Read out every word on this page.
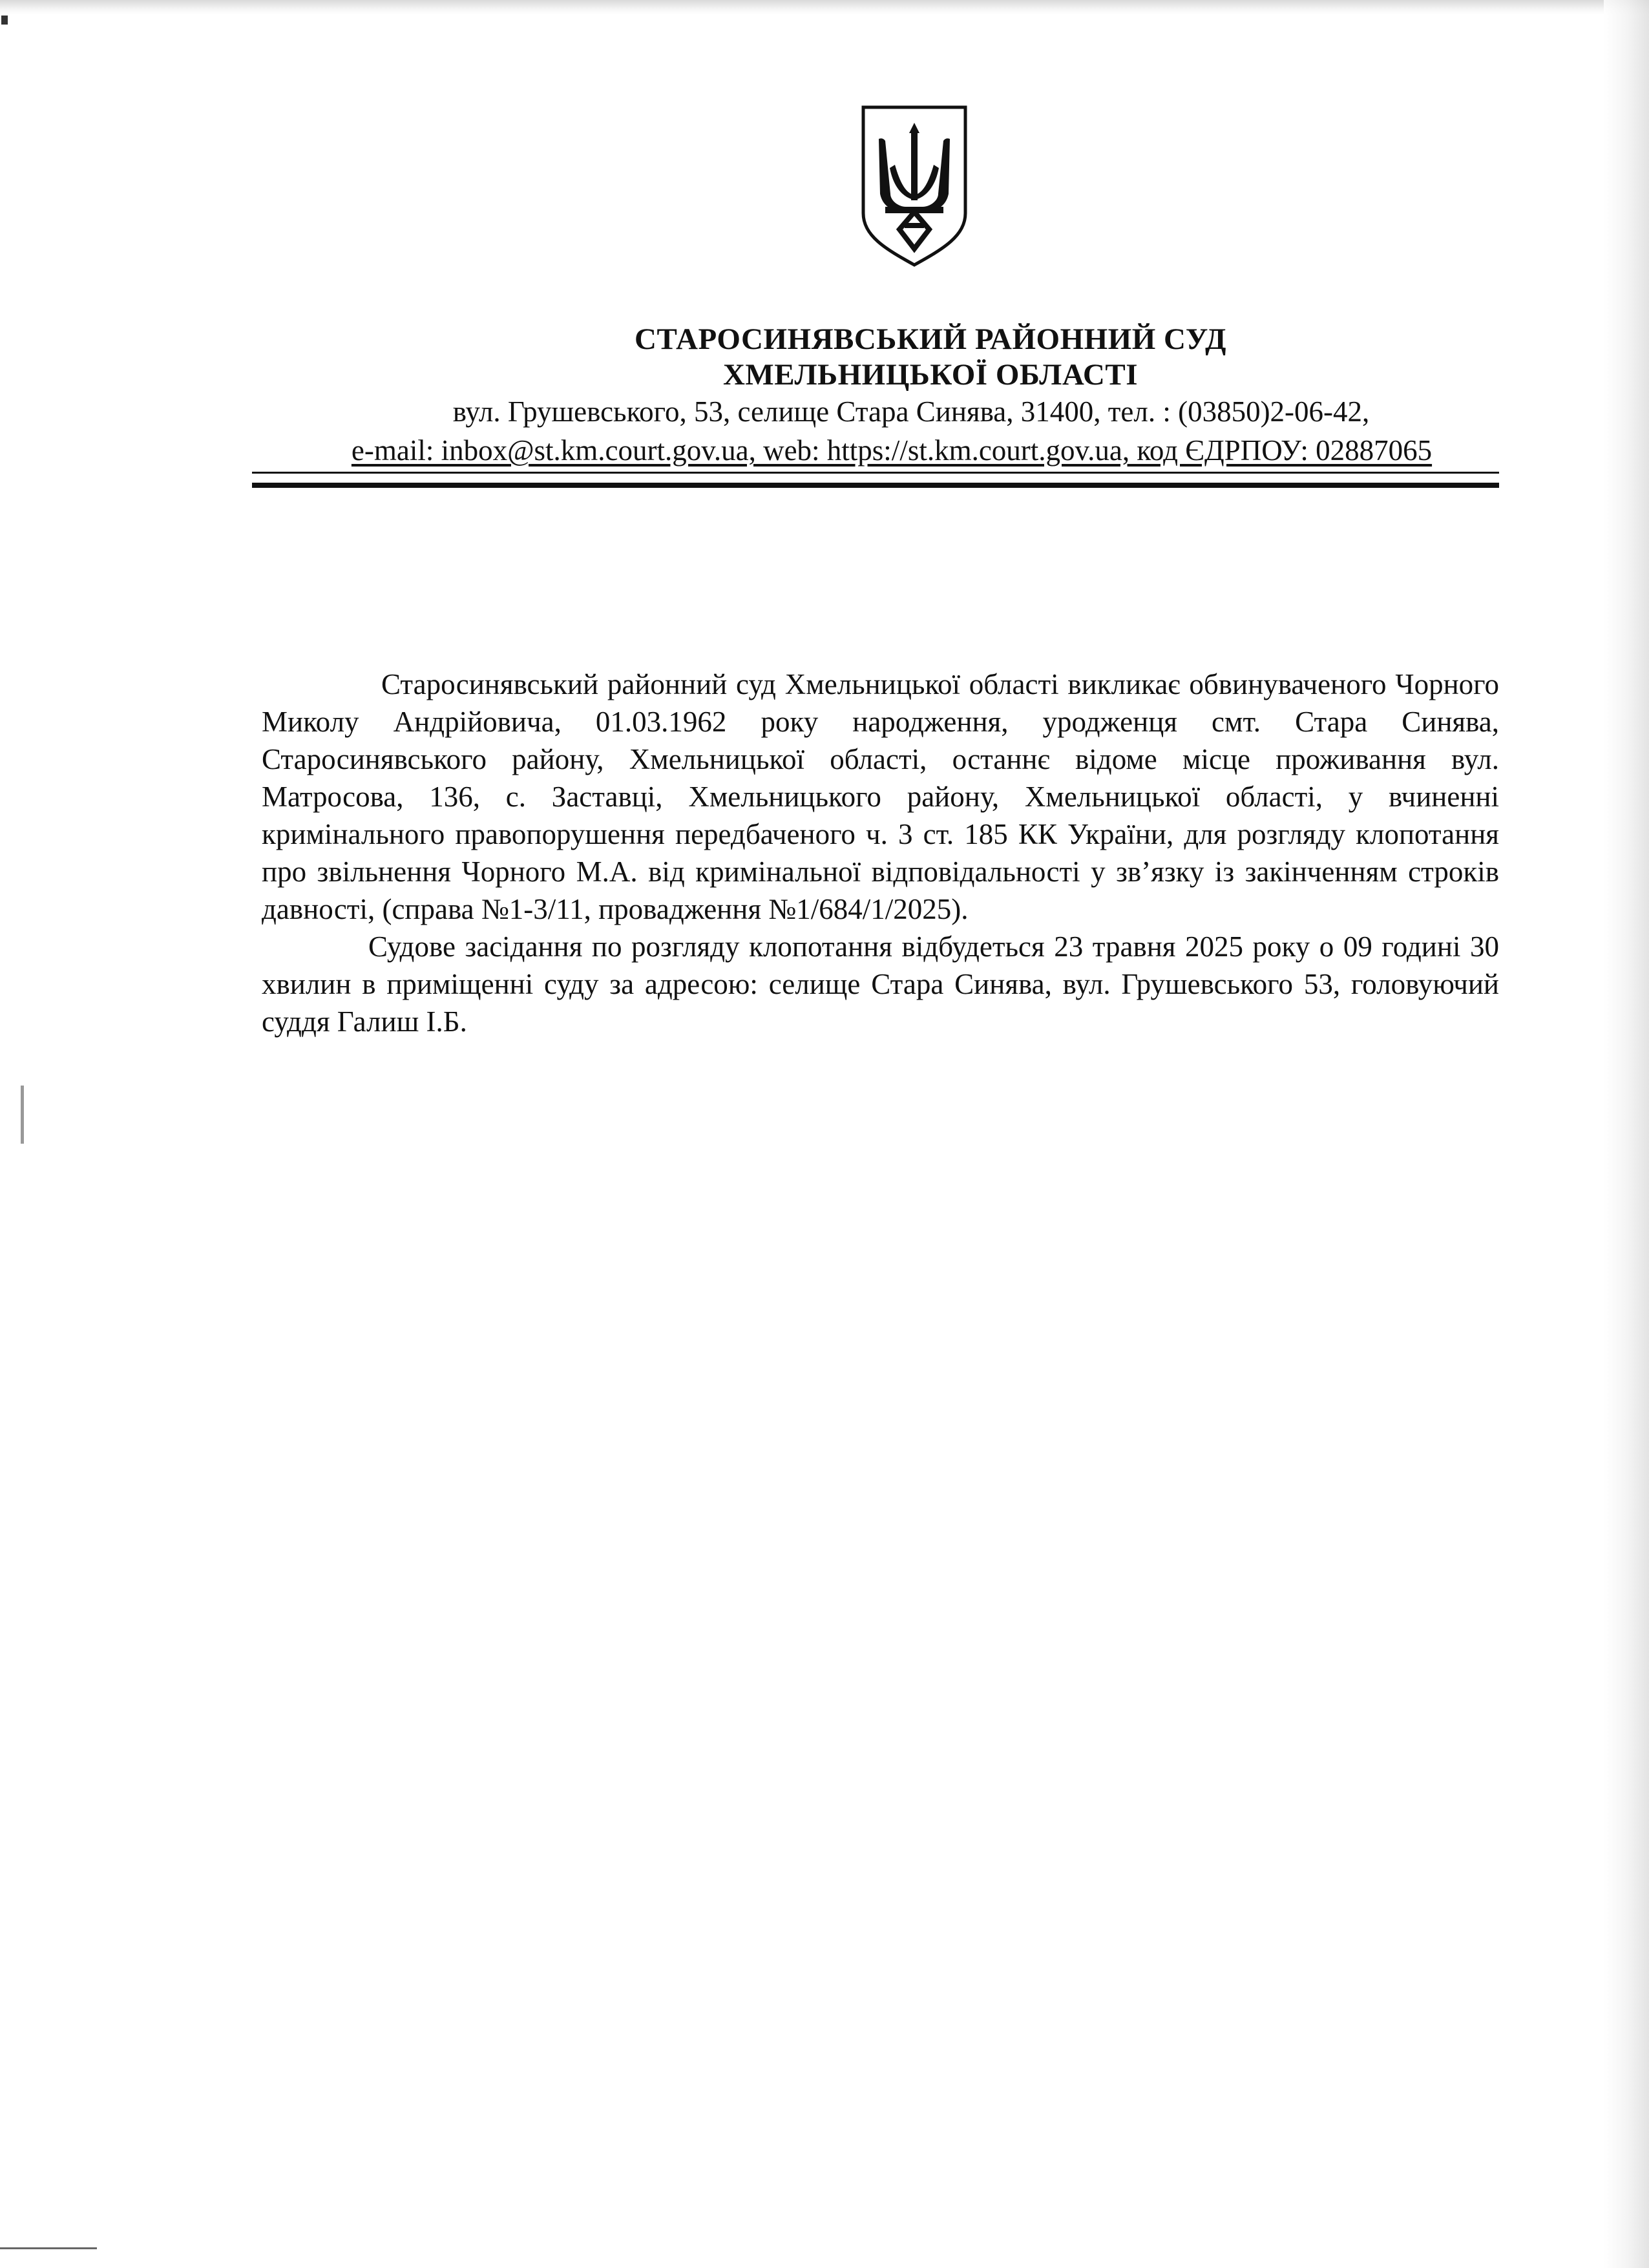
СТАРОСИНЯВСЬКИЙ РАЙОННИЙ СУД
ХМЕЛЬНИЦЬКОЇ ОБЛАСТІ

вул. Грушевського, 53, селище Стара Синява, 31400, тел. : (03850)2-06-42,

e-mail: inbox@st.km.court.gov.ua, web: https://st.km.court.gov.ua, код ЄДРПОУ: 02887065

Старосинявський районний суд Хмельницької області викликає обвинуваченого Чорного Миколу Андрійовича, 01.03.1962 року народження, уродженця смт. Стара Синява, Старосинявського району, Хмельницької області, останнє відоме місце проживання вул. Матросова, 136, с. Заставці, Хмельницького району, Хмельницької області, у вчиненні кримінального правопорушення передбаченого ч. 3 ст. 185 КК України, для розгляду клопотання про звільнення Чорного М.А. від кримінальної відповідальності у зв’язку із закінченням строків давності, (справа №1-3/11, провадження №1/684/1/2025).

Судове засідання по розгляду клопотання відбудеться 23 травня 2025 року о 09 годині 30 хвилин в приміщенні суду за адресою: селище Стара Синява, вул. Грушевського 53, головуючий суддя Галиш І.Б.
